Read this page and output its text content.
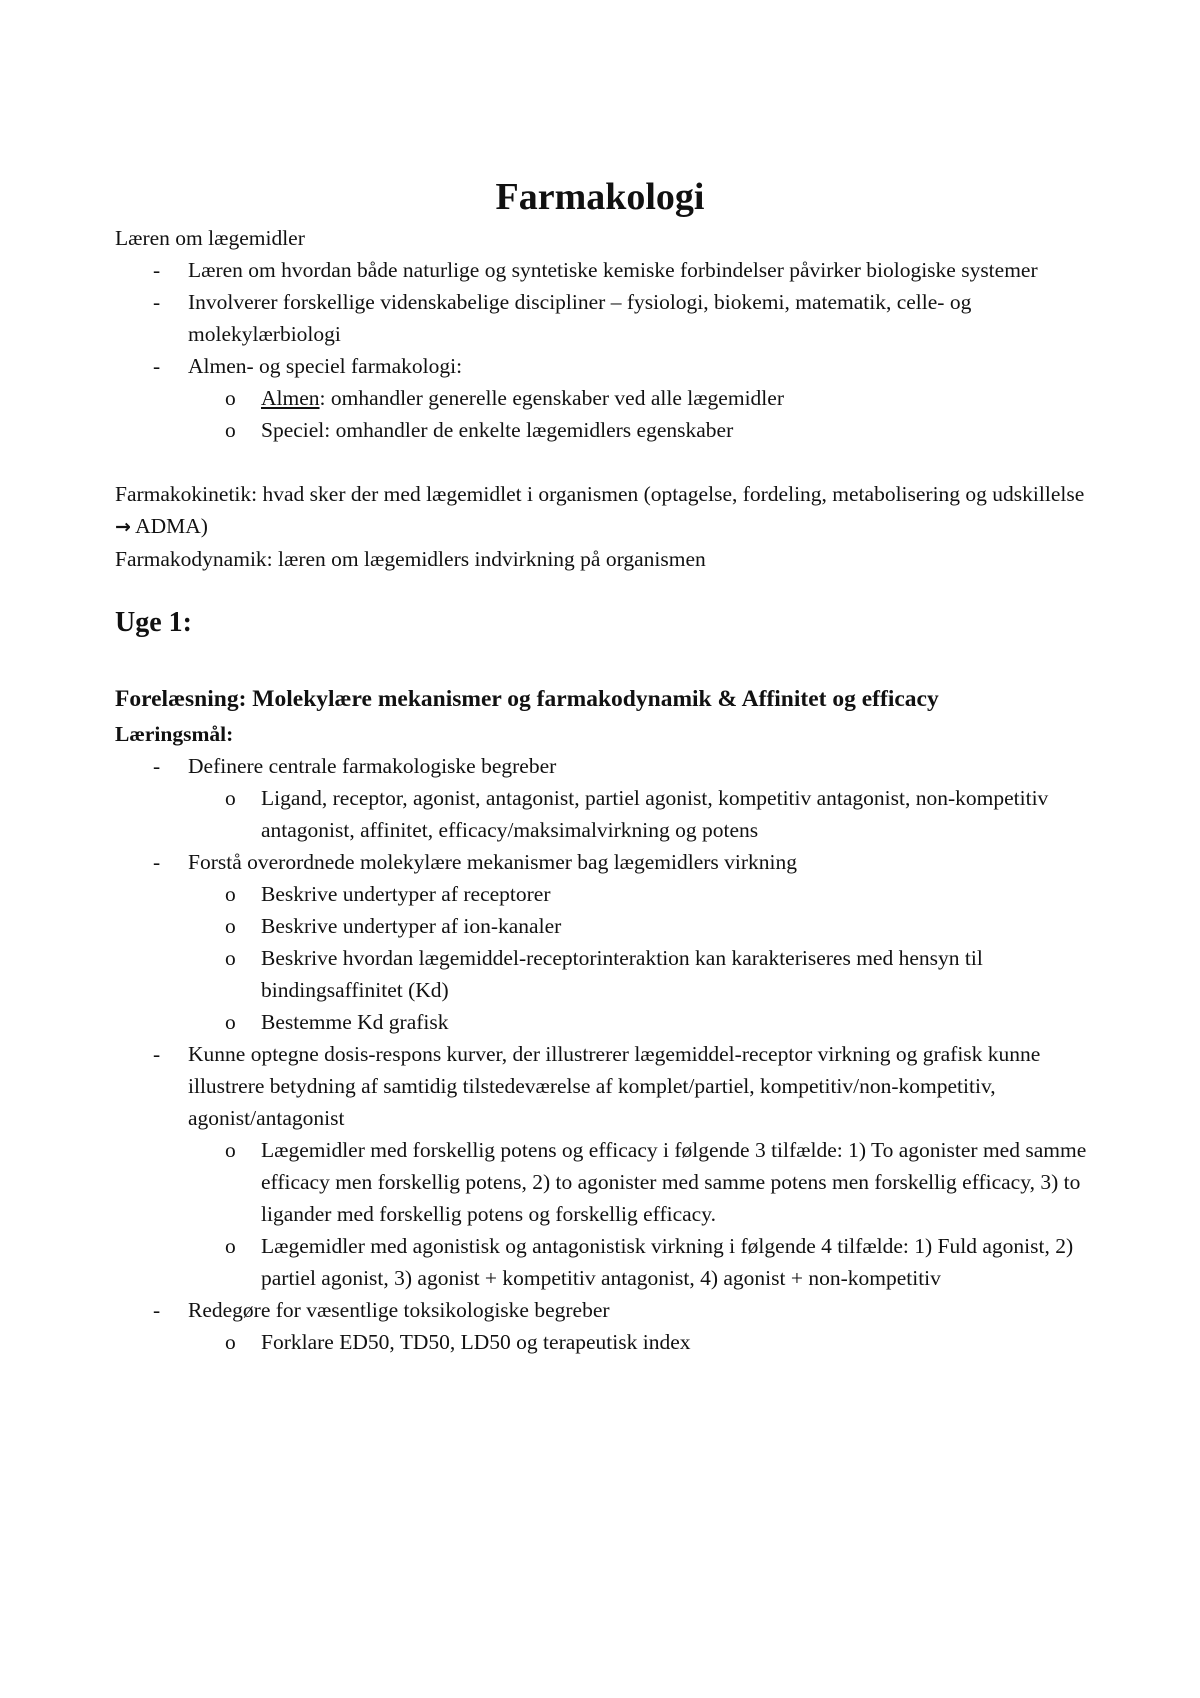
Farmakologi

Læren om lægemidler

- Læren om hvordan både naturlige og syntetiske kemiske forbindelser påvirker biologiske systemer
- Involverer forskellige videnskabelige discipliner – fysiologi, biokemi, matematik, celle- og molekylærbiologi
- Almen- og speciel farmakologi:
o Almen: omhandler generelle egenskaber ved alle lægemidler
o Speciel: omhandler de enkelte lægemidlers egenskaber

Farmakokinetik: hvad sker der med lægemidlet i organismen (optagelse, fordeling, metabolisering og udskillelse → ADMA)

Farmakodynamik: læren om lægemidlers indvirkning på organismen

Uge 1:
Forelæsning: Molekylære mekanismer og farmakodynamik & Affinitet og efficacy

Læringsmål:

- Definere centrale farmakologiske begreber
o Ligand, receptor, agonist, antagonist, partiel agonist, kompetitiv antagonist, non-kompetitiv antagonist, affinitet, efficacy/maksimalvirkning og potens
- Forstå overordnede molekylære mekanismer bag lægemidlers virkning
o Beskrive undertyper af receptorer
o Beskrive undertyper af ion-kanaler
o Beskrive hvordan lægemiddel-receptorinteraktion kan karakteriseres med hensyn til bindingsaffinitet (Kd)
o Bestemme Kd grafisk
- Kunne optegne dosis-respons kurver, der illustrerer lægemiddel-receptor virkning og grafisk kunne illustrere betydning af samtidig tilstedeværelse af komplet/partiel, kompetitiv/non-kompetitiv, agonist/antagonist
o Lægemidler med forskellig potens og efficacy i følgende 3 tilfælde: 1) To agonister med samme efficacy men forskellig potens, 2) to agonister med samme potens men forskellig efficacy, 3) to ligander med forskellig potens og forskellig efficacy.
o Lægemidler med agonistisk og antagonistisk virkning i følgende 4 tilfælde: 1) Fuld agonist, 2) partiel agonist, 3) agonist + kompetitiv antagonist, 4) agonist + non-kompetitiv
- Redegøre for væsentlige toksikologiske begreber
o Forklare ED50, TD50, LD50 og terapeutisk index
